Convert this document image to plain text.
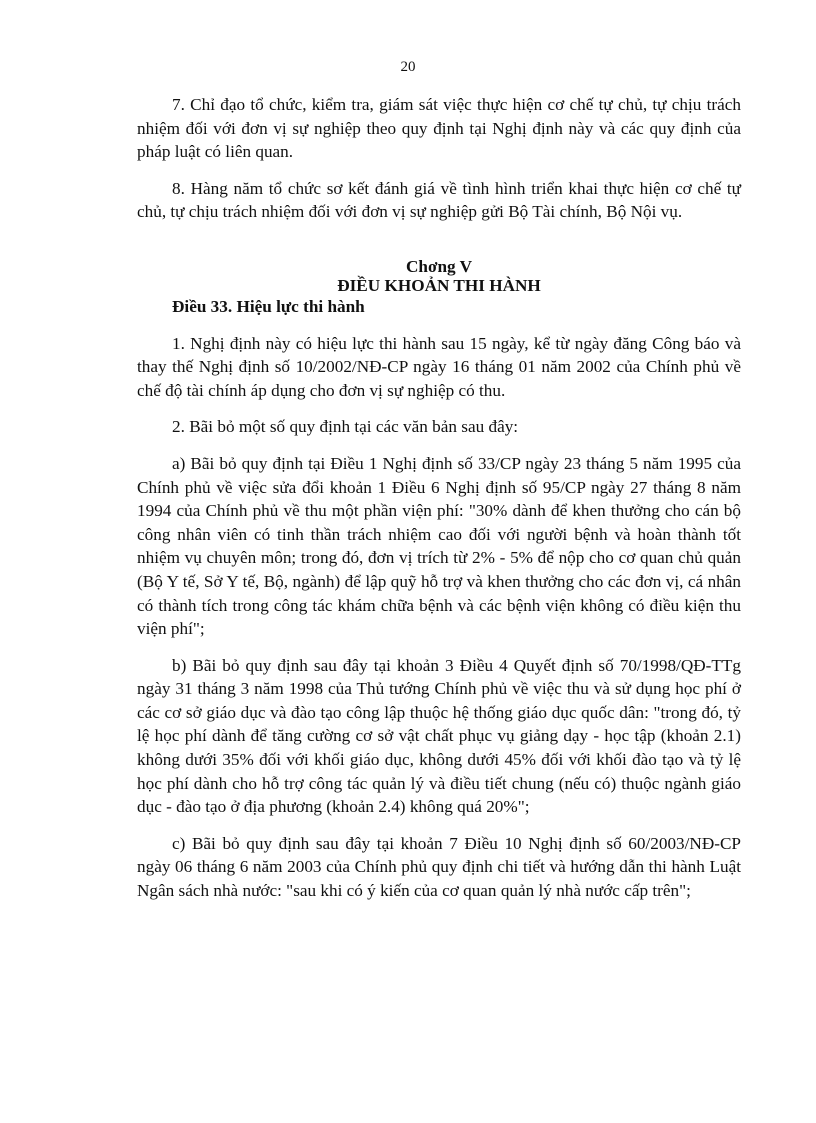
20

7. Chỉ đạo tổ chức, kiểm tra, giám sát việc thực hiện cơ chế tự chủ, tự chịu trách nhiệm đối với đơn vị sự nghiệp theo quy định tại Nghị định này và các quy định của pháp luật có liên quan.

8. Hàng năm tổ chức sơ kết đánh giá về tình hình triển khai thực hiện cơ chế tự chủ, tự chịu trách nhiệm đối với đơn vị sự nghiệp gửi Bộ Tài chính, Bộ Nội vụ.

Chơng V
ĐIỀU KHOẢN THI HÀNH

Điều 33. Hiệu lực thi hành

1. Nghị định này có hiệu lực thi hành sau 15 ngày, kể từ ngày đăng Công báo và thay thế Nghị định số 10/2002/NĐ-CP ngày 16 tháng 01 năm 2002 của Chính phủ về chế độ tài chính áp dụng cho đơn vị sự nghiệp có thu.

2. Bãi bỏ một số quy định tại các văn bản sau đây:

a) Bãi bỏ quy định tại Điều 1 Nghị định số 33/CP ngày 23 tháng 5 năm 1995 của Chính phủ về việc sửa đổi khoản 1 Điều 6 Nghị định số 95/CP ngày 27 tháng 8 năm 1994 của Chính phủ về thu một phần viện phí: "30% dành để khen thưởng cho cán bộ công nhân viên có tinh thần trách nhiệm cao đối với người bệnh và hoàn thành tốt nhiệm vụ chuyên môn; trong đó, đơn vị trích từ 2% - 5% để nộp cho cơ quan chủ quản (Bộ Y tế, Sở Y tế, Bộ, ngành) để lập quỹ hỗ trợ và khen thưởng cho các đơn vị, cá nhân có thành tích trong công tác khám chữa bệnh và các bệnh viện không có điều kiện thu viện phí";

b) Bãi bỏ quy định sau đây tại khoản 3 Điều 4 Quyết định số 70/1998/QĐ-TTg ngày 31 tháng 3 năm 1998 của Thủ tướng Chính phủ về việc thu và sử dụng học phí ở các cơ sở giáo dục và đào tạo công lập thuộc hệ thống giáo dục quốc dân: "trong đó, tỷ lệ học phí dành để tăng cường cơ sở vật chất phục vụ giảng dạy - học tập (khoản 2.1) không dưới 35% đối với khối giáo dục, không dưới 45% đối với khối đào tạo và tỷ lệ học phí dành cho hỗ trợ công tác quản lý và điều tiết chung (nếu có) thuộc ngành giáo dục - đào tạo ở địa phương (khoản 2.4) không quá 20%";

c) Bãi bỏ quy định sau đây tại khoản 7 Điều 10 Nghị định số 60/2003/NĐ-CP ngày 06 tháng 6 năm 2003 của Chính phủ quy định chi tiết và hướng dẫn thi hành Luật Ngân sách nhà nước: "sau khi có ý kiến của cơ quan quản lý nhà nước cấp trên";
